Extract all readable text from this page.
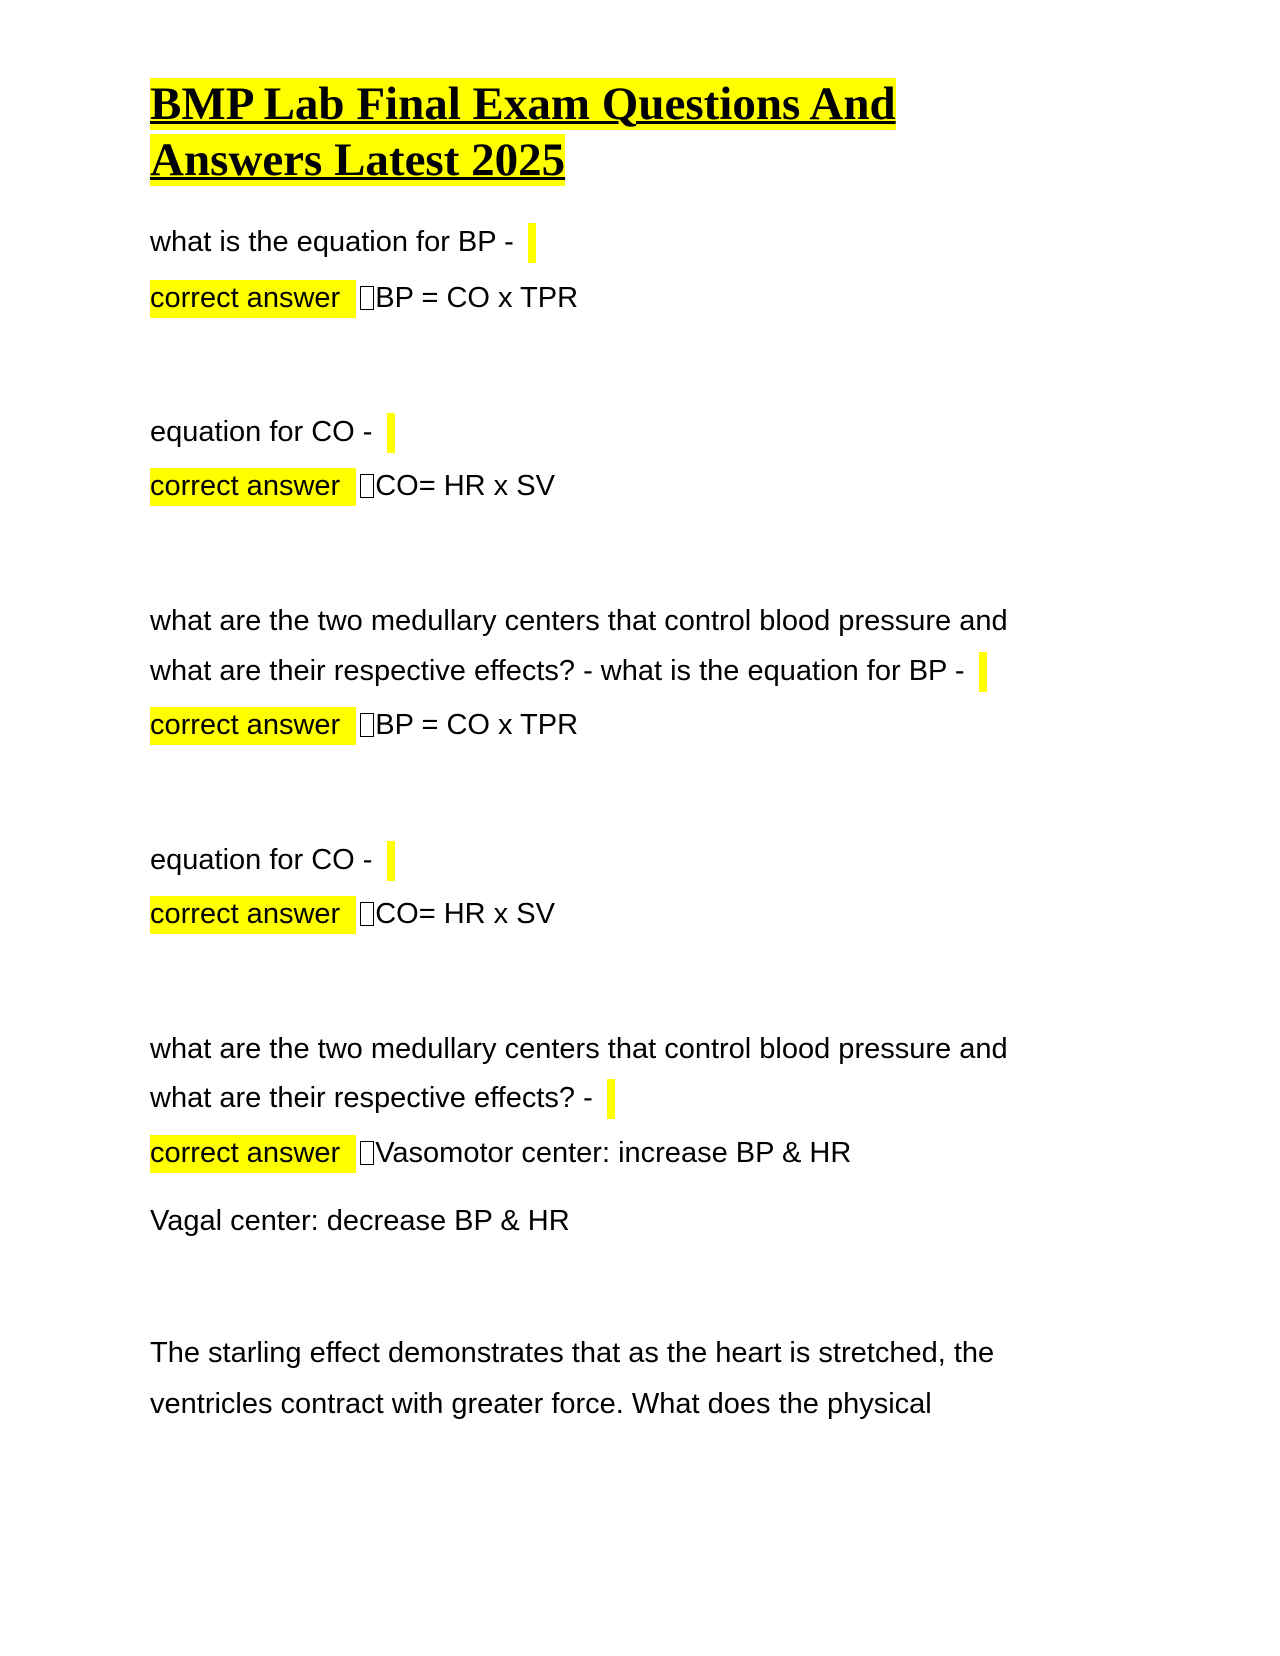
BMP Lab Final Exam Questions And
Answers Latest 2025
what is the equation for BP -
correct answer BP = CO x TPR
equation for CO -
correct answer CO= HR x SV
what are the two medullary centers that control blood pressure and
what are their respective effects? - what is the equation for BP -
correct answer BP = CO x TPR
equation for CO -
correct answer CO= HR x SV
what are the two medullary centers that control blood pressure and
what are their respective effects? -
correct answer Vasomotor center: increase BP & HR
Vagal center: decrease BP & HR
The starling effect demonstrates that as the heart is stretched, the
ventricles contract with greater force. What does the physical
